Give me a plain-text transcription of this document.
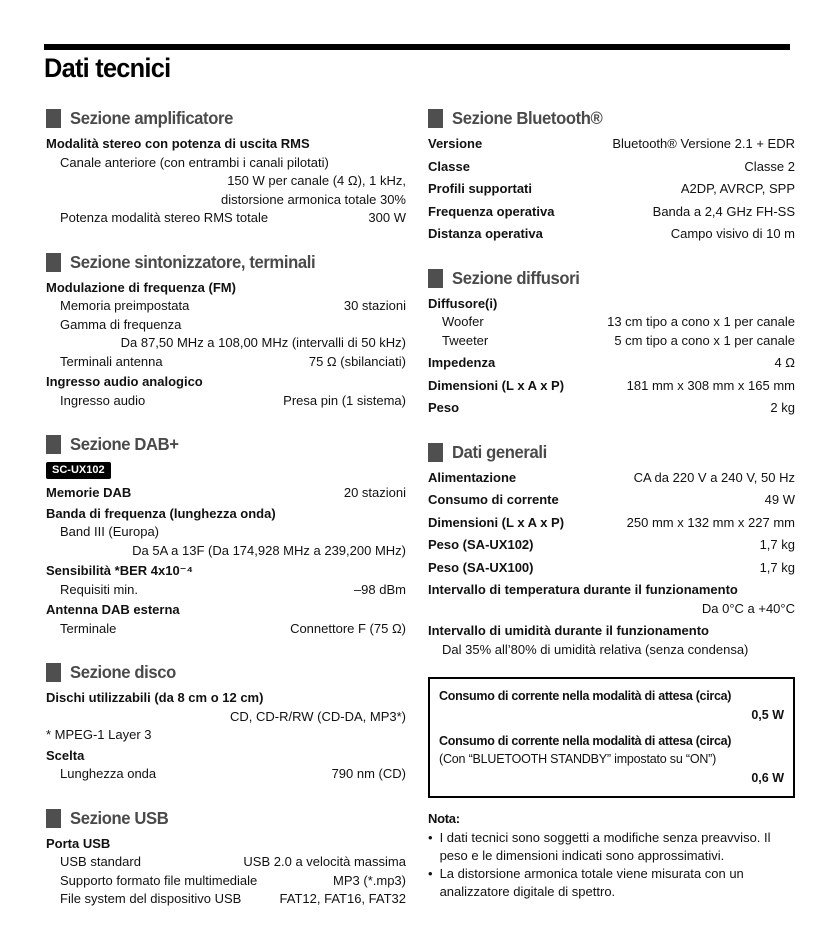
Dati tecnici
Sezione amplificatore
Modalità stereo con potenza di uscita RMS
Canale anteriore (con entrambi i canali pilotati)
150 W per canale (4 Ω), 1 kHz,
distorsione armonica totale 30%
Potenza modalità stereo RMS totale	300 W
Sezione sintonizzatore, terminali
Modulazione di frequenza (FM)
Memoria preimpostata	30 stazioni
Gamma di frequenza
Da 87,50 MHz a 108,00 MHz (intervalli di 50 kHz)
Terminali antenna	75 Ω (sbilanciati)
Ingresso audio analogico
Ingresso audio	Presa pin (1 sistema)
Sezione DAB+
SC-UX102
Memorie DAB	20 stazioni
Banda di frequenza (lunghezza onda)
Band III (Europa)
Da 5A a 13F (Da 174,928 MHz a 239,200 MHz)
Sensibilità *BER 4x10⁻⁴
Requisiti min.	–98 dBm
Antenna DAB esterna
Terminale	Connettore F (75 Ω)
Sezione disco
Dischi utilizzabili (da 8 cm o 12 cm)
CD, CD-R/RW (CD-DA, MP3*)
* MPEG-1 Layer 3
Scelta
Lunghezza onda	790 nm (CD)
Sezione USB
Porta USB
USB standard	USB 2.0 a velocità massima
Supporto formato file multimediale	MP3 (*.mp3)
File system del dispositivo USB	FAT12, FAT16, FAT32
Sezione Bluetooth®
Versione	Bluetooth® Versione 2.1 + EDR
Classe	Classe 2
Profili supportati	A2DP, AVRCP, SPP
Frequenza operativa	Banda a 2,4 GHz FH-SS
Distanza operativa	Campo visivo di 10 m
Sezione diffusori
Diffusore(i)
Woofer	13 cm tipo a cono x 1 per canale
Tweeter	5 cm tipo a cono x 1 per canale
Impedenza	4 Ω
Dimensioni (L x A x P)	181 mm x 308 mm x 165 mm
Peso	2 kg
Dati generali
Alimentazione	CA da 220 V a 240 V, 50 Hz
Consumo di corrente	49 W
Dimensioni (L x A x P)	250 mm x 132 mm x 227 mm
Peso (SA-UX102)	1,7 kg
Peso (SA-UX100)	1,7 kg
Intervallo di temperatura durante il funzionamento
Da 0°C a +40°C
Intervallo di umidità durante il funzionamento
Dal 35% all’80% di umidità relativa (senza condensa)
Consumo di corrente nella modalità di attesa (circa)
0,5 W
Consumo di corrente nella modalità di attesa (circa)
(Con “BLUETOOTH STANDBY” impostato su “ON”)
0,6 W
Nota:
• I dati tecnici sono soggetti a modifiche senza preavviso. Il peso e le dimensioni indicati sono approssimativi.
• La distorsione armonica totale viene misurata con un analizzatore digitale di spettro.
